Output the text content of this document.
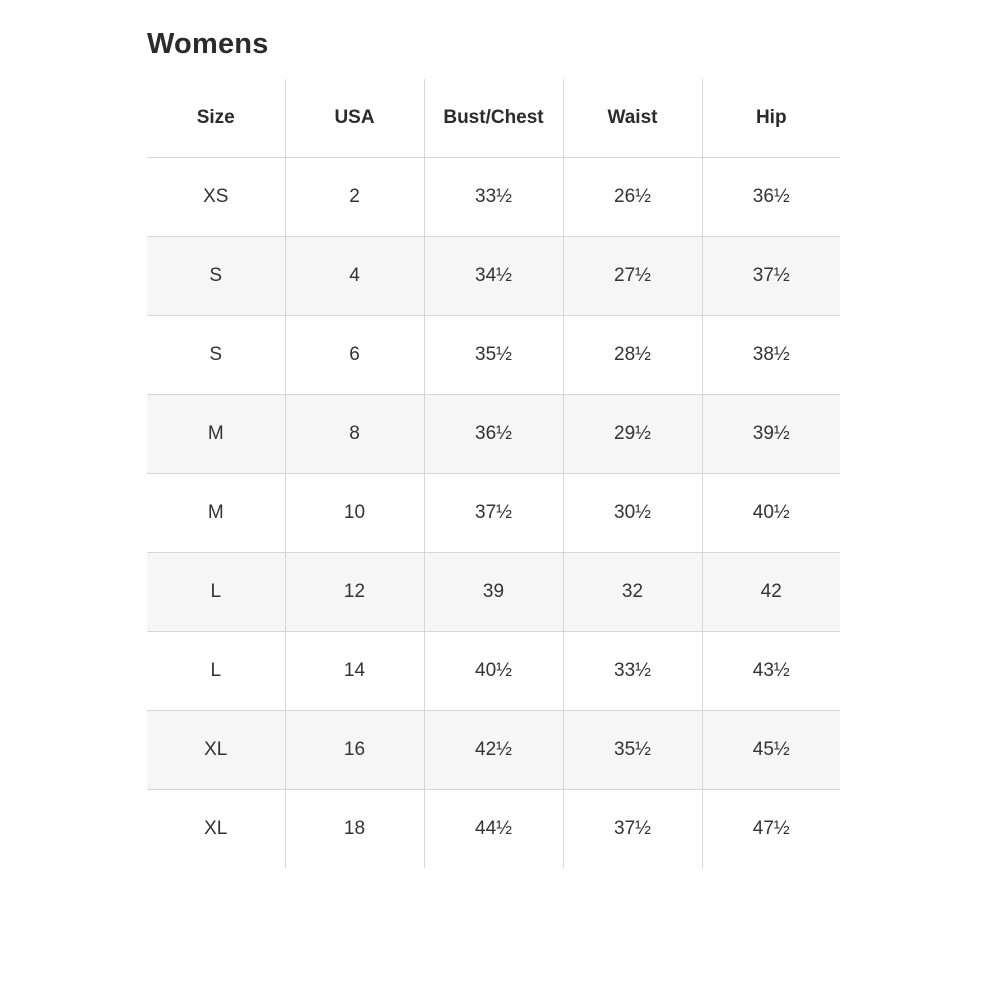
Womens
Size	USA	Bust/Chest	Waist	Hip
XS	2	33½	26½	36½
S	4	34½	27½	37½
S	6	35½	28½	38½
M	8	36½	29½	39½
M	10	37½	30½	40½
L	12	39	32	42
L	14	40½	33½	43½
XL	16	42½	35½	45½
XL	18	44½	37½	47½
